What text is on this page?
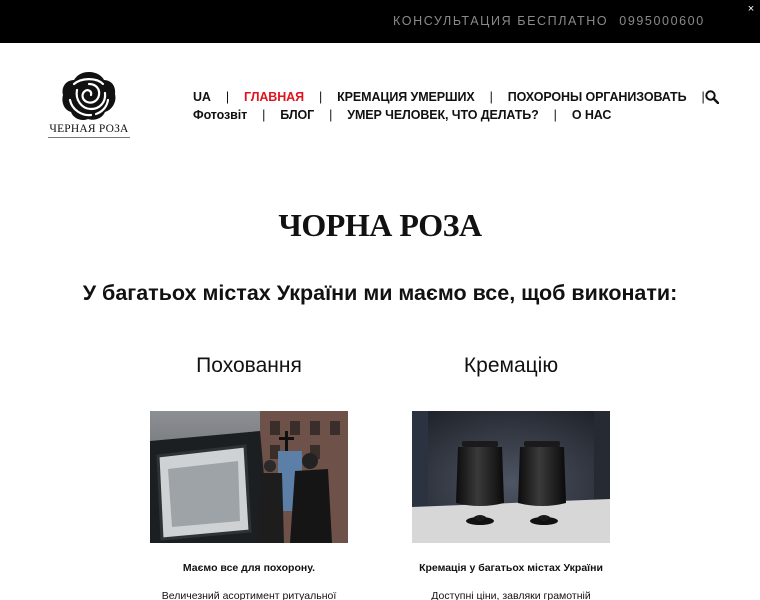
КОНСУЛЬТАЦИЯ БЕСПЛАТНО 0995000600
×
ЧЕРНАЯ РОЗА
UA | ГЛАВНАЯ | КРЕМАЦИЯ УМЕРШИХ | ПОХОРОНЫ ОРГАНИЗОВАТЬ |
Фотозвіт | БЛОГ | УМЕР ЧЕЛОВЕК, ЧТО ДЕЛАТЬ? | О НАС
ЧОРНА РОЗА
У багатьох містах України ми маємо все, щоб виконати:
Поховання	Кремацію
Маємо все для похорону.	Кремація у багатьох містах України
Величезний асортимент ритуальної	Доступні ціни, завляки грамотній
